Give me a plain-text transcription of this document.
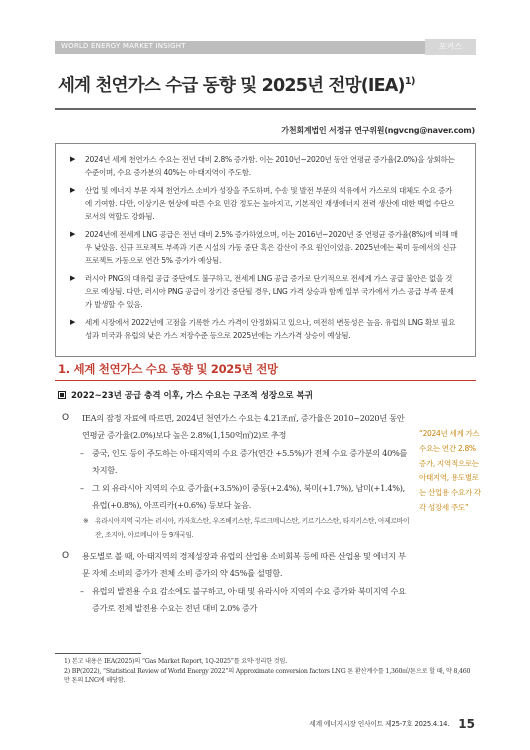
WORLD ENERGY MARKET INSIGHT	포커스
세계 천연가스 수급 동향 및 2025년 전망(IEA)$^{1)}$
가천회계법인 서정규 연구위원(ngvcng@naver.com)
▶ 2024년 세계 천연가스 수요는 전년 대비 2.8% 증가함. 이는 2010년~2020년 동안 연평균 증가율(2.0%)을 상회하는 수준이며, 수요 증가분의 40%는 아·태지역이 주도함.
▶ 산업 및 에너지 부문 자체 천연가스 소비가 성장을 주도하며, 수송 및 발전 부문의 석유에서 가스로의 대체도 수요 증가에 기여함. 다만, 이상기온 현상에 따른 수요 민감 정도는 높아지고, 기본적인 재생에너지 전력 생산에 대한 백업 수단으로서의 역할도 강화됨.
▶ 2024년에 전세계 LNG 공급은 전년 대비 2.5% 증가하였으며, 이는 2016년~2020년 중 연평균 증가율(8%)에 비해 매우 낮았음. 신규 프로젝트 부족과 기존 시설의 가동 중단 혹은 감산이 주요 원인이었음. 2025년에는 북미 등에서의 신규 프로젝트 가동으로 연간 5% 증가가 예상됨.
▶ 러시아 PNG의 대유럽 공급 중단에도 불구하고, 전세계 LNG 공급 증가로 단기적으로 전세계 가스 공급 불안은 없을 것으로 예상됨. 다만, 러시아 PNG 공급이 장기간 중단될 경우, LNG 가격 상승과 함께 일부 국가에서 가스 공급 부족 문제가 발생할 수 있음.
▶ 세계 시장에서 2022년에 고점을 기록한 가스 가격이 안정화되고 있으나, 여전히 변동성은 높음. 유럽의 LNG 확보 필요성과 미국과 유럽의 낮은 가스 저장수준 등으로 2025년에는 가스가격 상승이 예상됨.
1. 세계 천연가스 수요 동향 및 2025년 전망
2022~23년 공급 충격 이후, 가스 수요는 구조적 성장으로 복귀
O IEA의 잠정 자료에 따르면, 2024년 천연가스 수요는 4.21조㎥, 증가율은 2010~2020년 동안 연평균 증가율(2.0%)보다 높은 2.8%(1,150억㎥)2)로 추정
– 중국, 인도 등이 주도하는 아·태지역의 수요 증가(연간 +5.5%)가 전체 수요 증가분의 40%를 차지함.
– 그 외 유라시아 지역의 수요 증가율(+3.5%)이 중동(+2.4%), 북미(+1.7%), 남미(+1.4%), 유럽(+0.8%), 아프리카(+0.6%) 등보다 높음.
※ 유라시아지역 국가는 러시아, 카자흐스탄, 우즈베키스탄, 투르크메니스탄, 키르기스스탄, 타지키스탄, 아제르바이잔, 조지아, 아르메니아 등 9개국임.
O 용도별로 볼 때, 아·태지역의 경제성장과 유럽의 산업용 소비회복 등에 따른 산업용 및 에너지 부문 자체 소비의 증가가 전체 소비 증가의 약 45%를 설명함.
– 유럽의 발전용 수요 감소에도 불구하고, 아·태 및 유라시아 지역의 수요 증가와 북미지역 수요 증가로 전체 발전용 수요는 전년 대비 2.0% 증가
“2024년 세계 가스 수요는 연간 2.8% 증가, 지역적으로는 아태지역, 용도별로는 산업용 수요가 각각 성장세 주도”
1) 본고 내용은 IEA(2025)의 “Gas Market Report, 1Q-2025”를 요약·정리한 것임.
2) BP(2022), “Statistical Review of World Energy 2022”의 Approximate conversion factors LNG 톤 환산계수를 1,360㎥/톤으로 할 때, 약 8,460만 톤의 LNG에 해당함.
세계 에너지시장 인사이트 제25-7호 2025.4.14. 15
